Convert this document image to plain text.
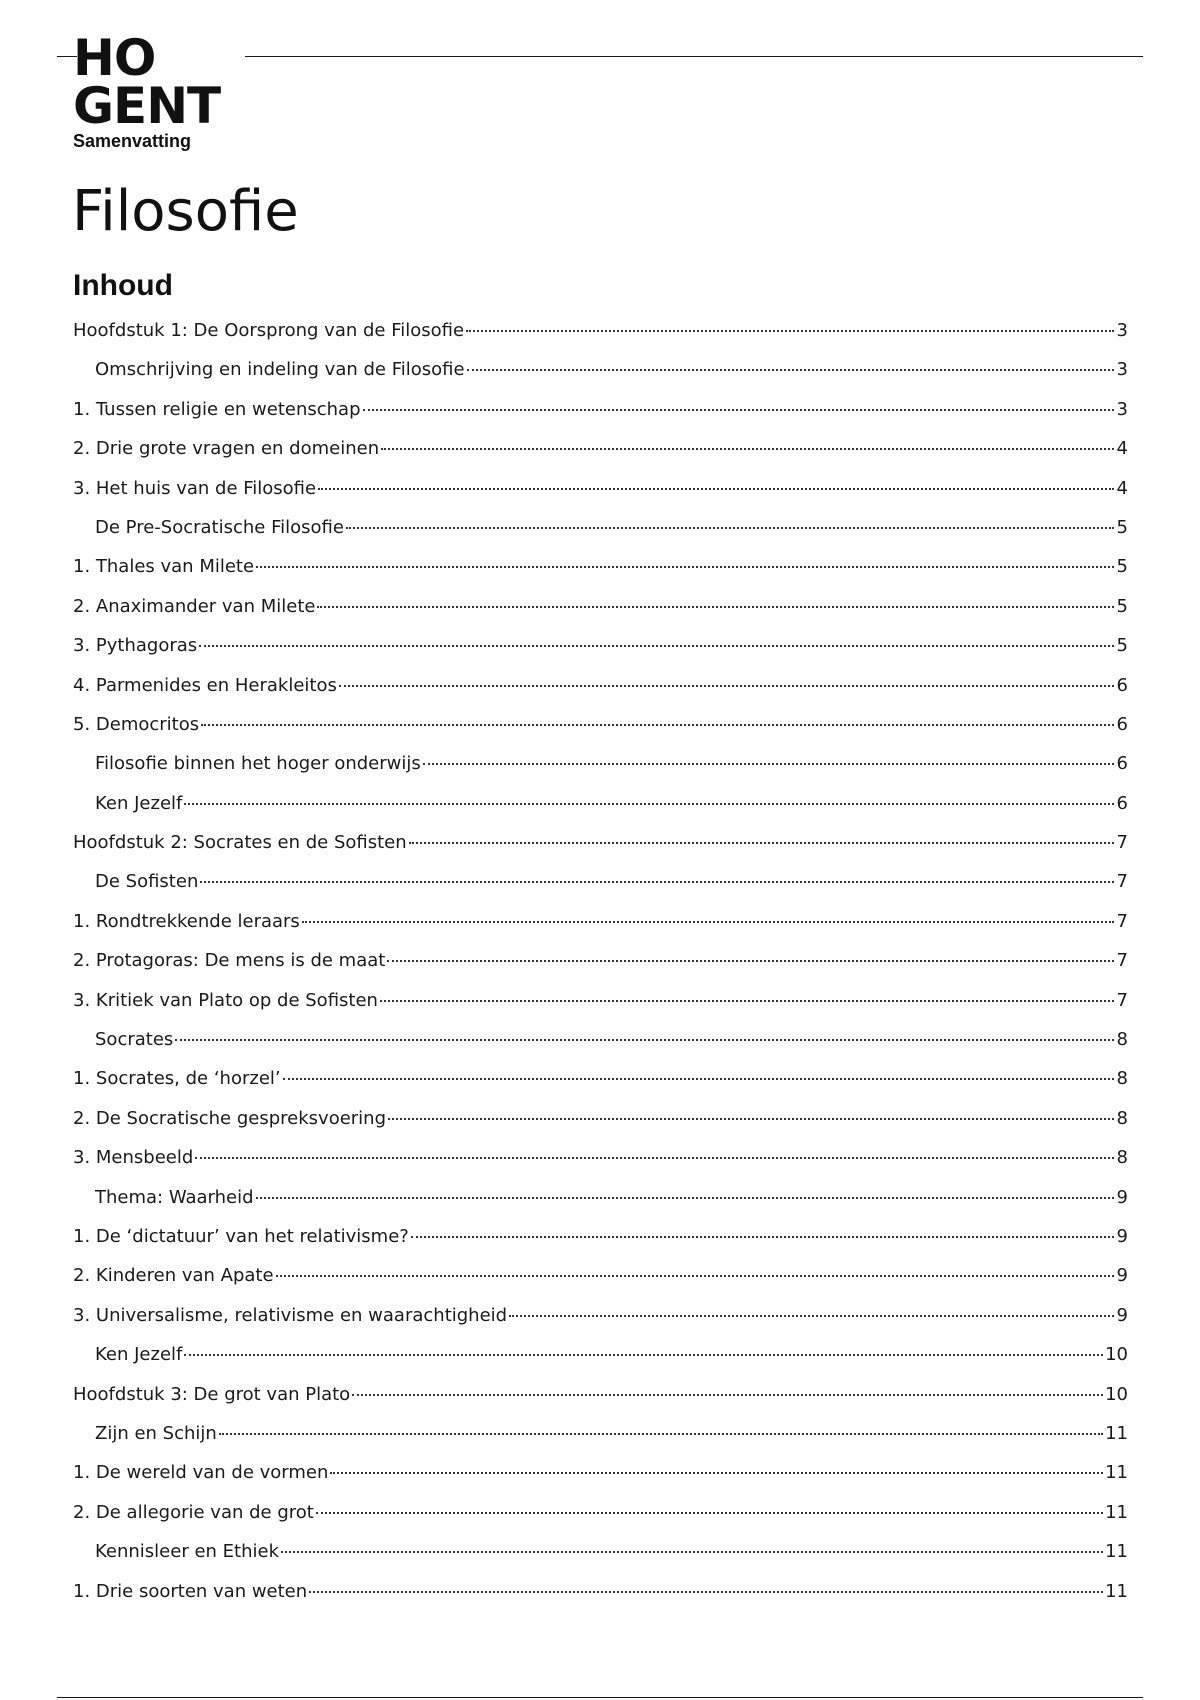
HO
GENT
Samenvatting
Filosofie
Inhoud
Hoofdstuk 1: De Oorsprong van de Filosofie	3
Omschrijving en indeling van de Filosofie	3
1. Tussen religie en wetenschap	3
2. Drie grote vragen en domeinen	4
3. Het huis van de Filosofie	4
De Pre-Socratische Filosofie	5
1. Thales van Milete	5
2. Anaximander van Milete	5
3. Pythagoras	5
4. Parmenides en Herakleitos	6
5. Democritos	6
Filosofie binnen het hoger onderwijs	6
Ken Jezelf	6
Hoofdstuk 2: Socrates en de Sofisten	7
De Sofisten	7
1. Rondtrekkende leraars	7
2. Protagoras: De mens is de maat	7
3. Kritiek van Plato op de Sofisten	7
Socrates	8
1. Socrates, de ‘horzel’	8
2. De Socratische gespreksvoering	8
3. Mensbeeld	8
Thema: Waarheid	9
1. De ‘dictatuur’ van het relativisme?	9
2. Kinderen van Apate	9
3. Universalisme, relativisme en waarachtigheid	9
Ken Jezelf	10
Hoofdstuk 3: De grot van Plato	10
Zijn en Schijn	11
1. De wereld van de vormen	11
2. De allegorie van de grot	11
Kennisleer en Ethiek	11
1. Drie soorten van weten	11
